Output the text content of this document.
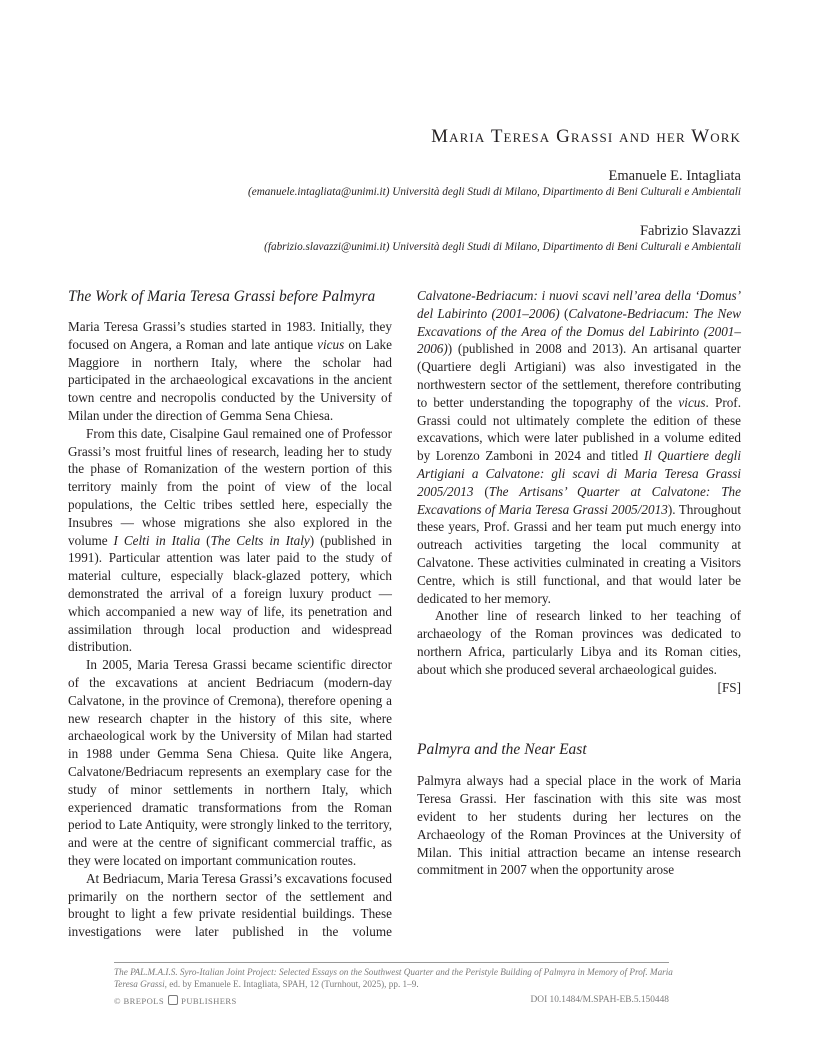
Maria Teresa Grassi and her Work
Emanuele E. Intagliata
(emanuele.intagliata@unimi.it) Università degli Studi di Milano, Dipartimento di Beni Culturali e Ambientali
Fabrizio Slavazzi
(fabrizio.slavazzi@unimi.it) Università degli Studi di Milano, Dipartimento di Beni Culturali e Ambientali
The Work of Maria Teresa Grassi before Palmyra

Maria Teresa Grassi’s studies started in 1983. Initially, they focused on Angera, a Roman and late antique vicus on Lake Maggiore in northern Italy, where the scholar had participated in the archaeological excavations in the ancient town centre and necropolis conducted by the University of Milan under the direction of Gemma Sena Chiesa.

From this date, Cisalpine Gaul remained one of Professor Grassi’s most fruitful lines of research, leading her to study the phase of Romanization of the western portion of this territory mainly from the point of view of the local populations, the Celtic tribes settled here, especially the Insubres — whose migrations she also explored in the volume I Celti in Italia (The Celts in Italy) (published in 1991). Particular attention was later paid to the study of material culture, especially black-glazed pottery, which demonstrated the arrival of a foreign luxury product — which accompanied a new way of life, its penetration and assimilation through local production and widespread distribution.

In 2005, Maria Teresa Grassi became scientific director of the excavations at ancient Bedriacum (modern-day Calvatone, in the province of Cremona), therefore opening a new research chapter in the history of this site, where archaeological work by the University of Milan had started in 1988 under Gemma Sena Chiesa. Quite like Angera, Calvatone/Bedriacum represents an exemplary case for the study of minor settlements in northern Italy, which experienced dramatic transformations from the Roman period to Late Antiquity, were strongly linked to the territory, and were at the centre of significant commercial traffic, as they were located on important communication routes.

At Bedriacum, Maria Teresa Grassi’s excavations focused primarily on the northern sector of the settlement and brought to light a few private residential buildings. These investigations were later published in the volume

Calvatone-Bedriacum: i nuovi scavi nell’area della ‘Domus’ del Labirinto (2001–2006) (Calvatone-Bedriacum: The New Excavations of the Area of the Domus del Labirinto (2001–2006)) (published in 2008 and 2013). An artisanal quarter (Quartiere degli Artigiani) was also investigated in the northwestern sector of the settlement, therefore contributing to better understanding the topography of the vicus. Prof. Grassi could not ultimately complete the edition of these excavations, which were later published in a volume edited by Lorenzo Zamboni in 2024 and titled Il Quartiere degli Artigiani a Calvatone: gli scavi di Maria Teresa Grassi 2005/2013 (The Artisans’ Quarter at Calvatone: The Excavations of Maria Teresa Grassi 2005/2013). Throughout these years, Prof. Grassi and her team put much energy into outreach activities targeting the local community at Calvatone. These activities culminated in creating a Visitors Centre, which is still functional, and that would later be dedicated to her memory.

Another line of research linked to her teaching of archaeology of the Roman provinces was dedicated to northern Africa, particularly Libya and its Roman cities, about which she produced several archaeological guides.

[FS]

Palmyra and the Near East

Palmyra always had a special place in the work of Maria Teresa Grassi. Her fascination with this site was most evident to her students during her lectures on the Archaeology of the Roman Provinces at the University of Milan. This initial attraction became an intense research commitment in 2007 when the opportunity arose

The PAL.M.A.I.S. Syro-Italian Joint Project: Selected Essays on the Southwest Quarter and the Peristyle Building of Palmyra in Memory of Prof. Maria Teresa Grassi, ed. by Emanuele E. Intagliata, SPAH, 12 (Turnhout, 2025), pp. 1–9.
© BREPOLS PUBLISHERS	DOI 10.1484/M.SPAH-EB.5.150448
